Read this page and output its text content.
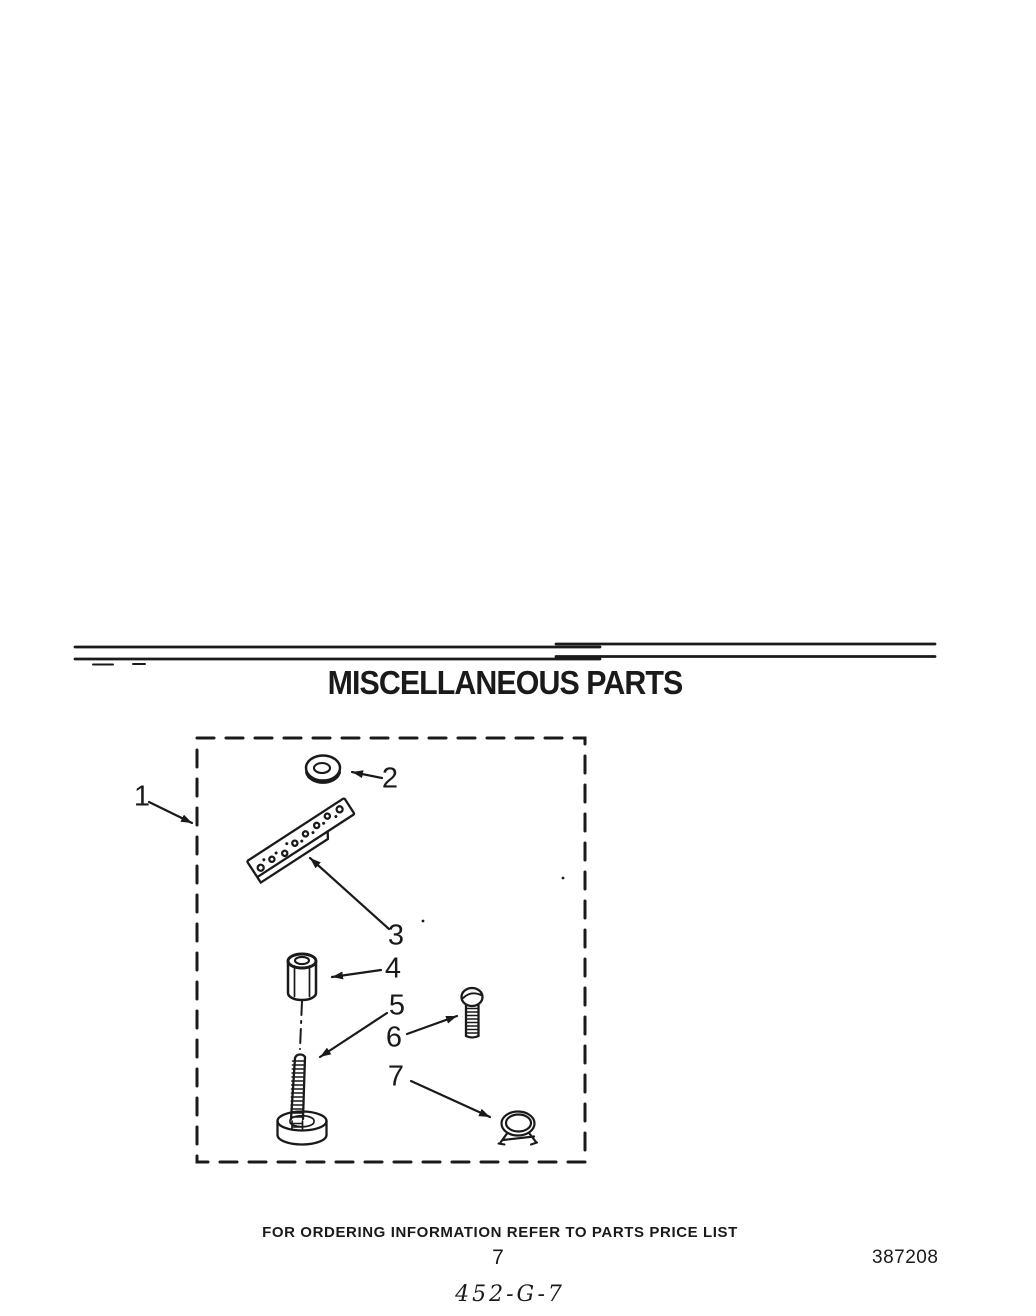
MISCELLANEOUS PARTS
1
2
3
4
5
6
7
FOR ORDERING INFORMATION REFER TO PARTS PRICE LIST
7	387208
452-G-7
